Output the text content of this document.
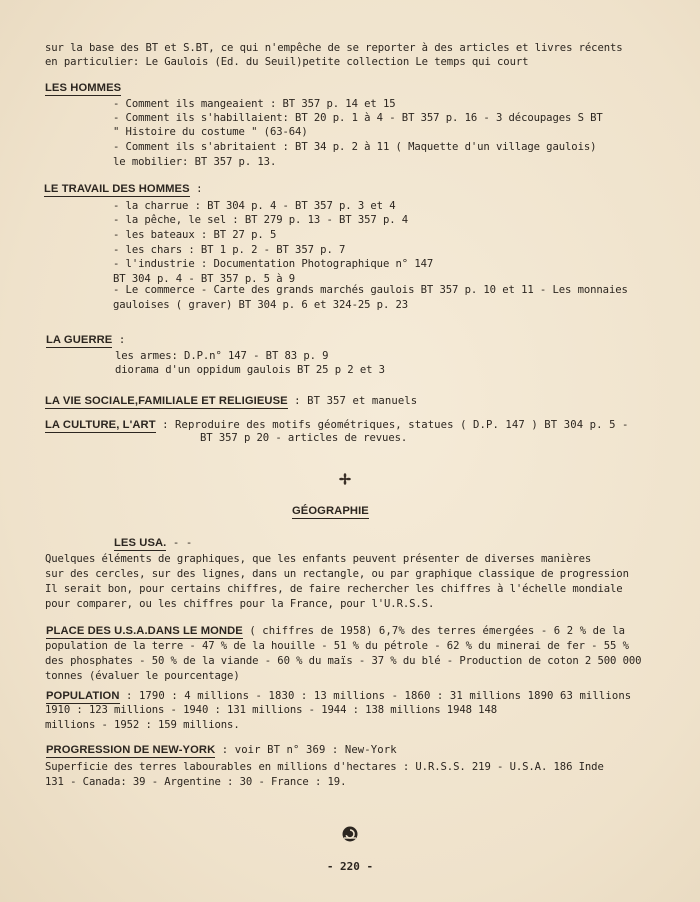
sur la base des BT et S.BT, ce qui n'empêche de se reporter à des articles et livres récents
en particulier: Le Gaulois (Ed. du Seuil)petite collection Le temps qui court
LES HOMMES
- Comment ils mangeaient : BT 357 p. 14 et 15
- Comment ils s'habillaient: BT 20 p. 1 à 4 - BT 357 p. 16 - 3 découpages S BT
" Histoire du costume " (63-64)
- Comment ils s'abritaient : BT 34 p. 2 à 11 ( Maquette d'un village gaulois)
le mobilier: BT 357 p. 13.
LE TRAVAIL DES HOMMES :
- la charrue : BT 304 p. 4 - BT 357 p. 3 et 4
- la pêche, le sel : BT 279 p. 13 - BT 357 p. 4
- les bateaux : BT 27 p. 5
- les chars : BT 1 p. 2 - BT 357 p. 7
- l'industrie : Documentation Photographique n° 147
BT 304 p. 4 - BT 357 p. 5 à 9
- Le commerce - Carte des grands marchés gaulois BT 357 p. 10 et 11 - Les monnaies
gauloises ( graver) BT 304 p. 6 et 324-25 p. 23
LA GUERRE :
les armes: D.P.n° 147 - BT 83 p. 9
diorama d'un oppidum gaulois BT 25 p 2 et 3
LA VIE SOCIALE,FAMILIALE ET RELIGIEUSE : BT 357 et manuels
LA CULTURE, L'ART : Reproduire des motifs géométriques, statues ( D.P. 147 ) BT 304 p. 5 -
BT 357 p 20 - articles de revues.
GÉOGRAPHIE
LES USA. - -
Quelques éléments de graphiques, que les enfants peuvent présenter de diverses manières
sur des cercles, sur des lignes, dans un rectangle, ou par graphique classique de progression
Il serait bon, pour certains chiffres, de faire rechercher les chiffres à l'échelle mondiale
pour comparer, ou les chiffres pour la France, pour l'U.R.S.S.
PLACE DES U.S.A.DANS LE MONDE ( chiffres de 1958) 6,7% des terres émergées - 6 2 % de la
population de la terre - 47 % de la houille - 51 % du pétrole - 62 % du minerai de fer - 55 %
des phosphates - 50 % de la viande - 60 % du maïs - 37 % du blé - Production de coton 2 500 000
tonnes (évaluer le pourcentage)
POPULATION : 1790 : 4 millions - 1830 : 13 millions - 1860 : 31 millions 1890 63 millions
1910 : 123 millions - 1940 : 131 millions - 1944 : 138 millions 1948 148
millions - 1952 : 159 millions.
PROGRESSION DE NEW-YORK : voir BT n° 369 : New-York
Superficie des terres labourables en millions d'hectares : U.R.S.S. 219 - U.S.A. 186 Inde
131 - Canada: 39 - Argentine : 30 - France : 19.
- 220 -
